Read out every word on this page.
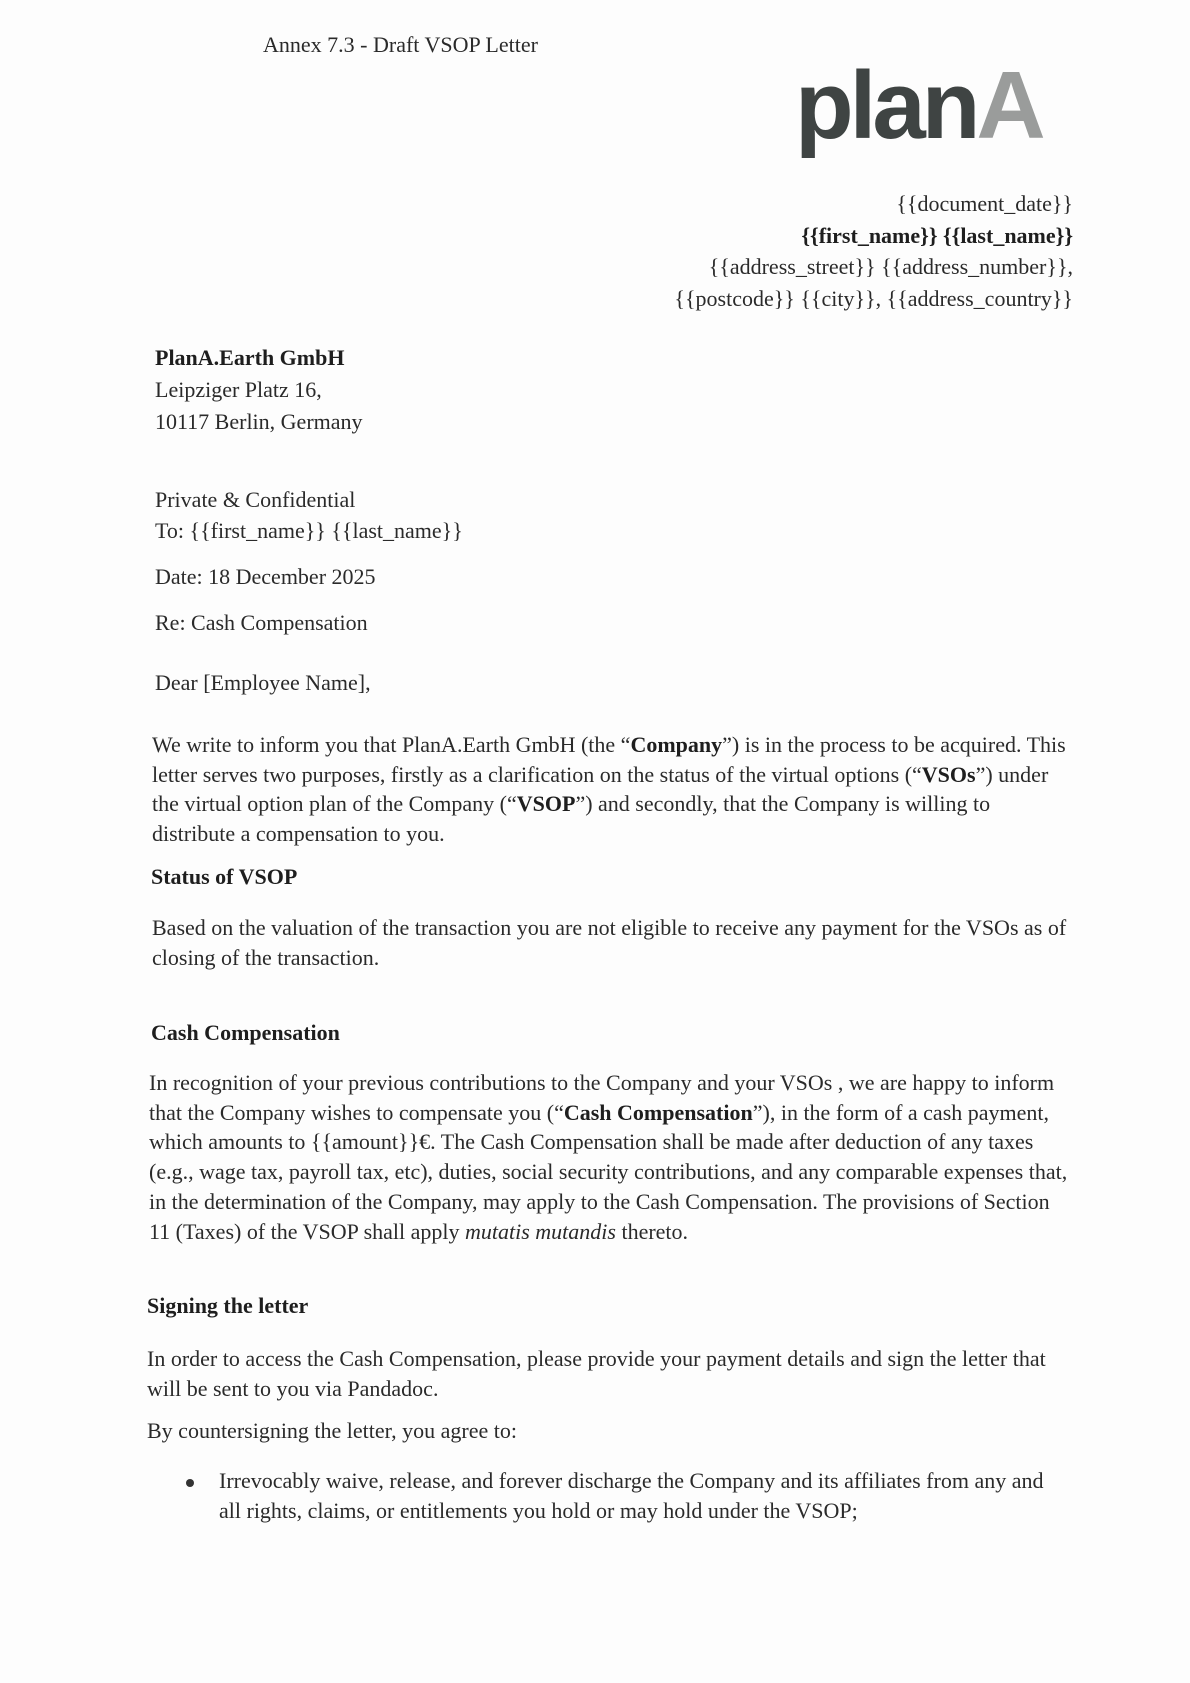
Annex 7.3 - Draft VSOP Letter
planA
{{document_date}}
{{first_name}} {{last_name}}
{{address_street}} {{address_number}},
{{postcode}} {{city}}, {{address_country}}
PlanA.Earth GmbH
Leipziger Platz 16,
10117 Berlin, Germany
Private & Confidential
To: {{first_name}} {{last_name}}
Date: 18 December 2025
Re: Cash Compensation
Dear [Employee Name],
We write to inform you that PlanA.Earth GmbH (the “Company”) is in the process to be acquired. This letter serves two purposes, firstly as a clarification on the status of the virtual options (“VSOs”) under the virtual option plan of the Company (“VSOP”) and secondly, that the Company is willing to distribute a compensation to you.
Status of VSOP
Based on the valuation of the transaction you are not eligible to receive any payment for the VSOs as of closing of the transaction.
Cash Compensation
In recognition of your previous contributions to the Company and your VSOs , we are happy to inform that the Company wishes to compensate you (“Cash Compensation”), in the form of a cash payment, which amounts to {{amount}}€. The Cash Compensation shall be made after deduction of any taxes (e.g., wage tax, payroll tax, etc), duties, social security contributions, and any comparable expenses that, in the determination of the Company, may apply to the Cash Compensation. The provisions of Section 11 (Taxes) of the VSOP shall apply mutatis mutandis thereto.
Signing the letter
In order to access the Cash Compensation, please provide your payment details and sign the letter that will be sent to you via Pandadoc.
By countersigning the letter, you agree to:
Irrevocably waive, release, and forever discharge the Company and its affiliates from any and all rights, claims, or entitlements you hold or may hold under the VSOP;
